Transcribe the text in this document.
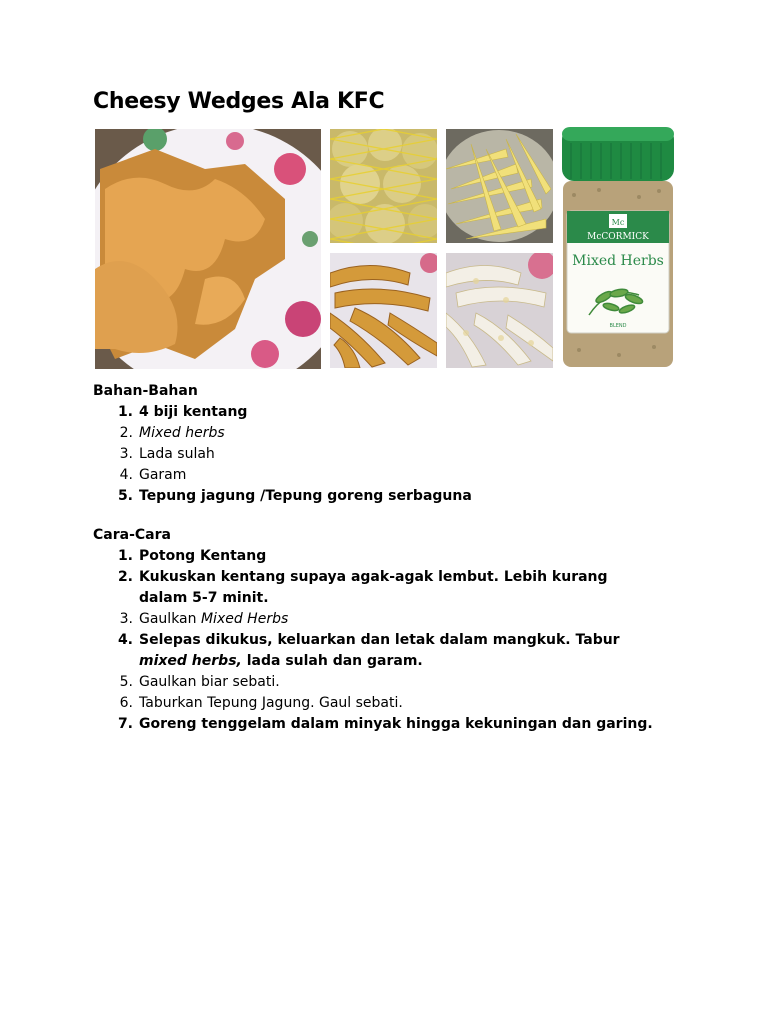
Cheesy Wedges Ala KFC
Mc
McCORMICK
Mixed Herbs
BLEND
Bahan-Bahan
1. 4 biji kentang
2. Mixed herbs
3. Lada sulah
4. Garam
5. Tepung jagung /Tepung goreng serbaguna
Cara-Cara
1. Potong Kentang
2. Kukuskan kentang supaya agak-agak lembut. Lebih kurang dalam 5-7 minit.
3. Gaulkan Mixed Herbs
4. Selepas dikukus, keluarkan dan letak dalam mangkuk. Tabur mixed herbs, lada sulah dan garam.
5. Gaulkan biar sebati.
6. Taburkan Tepung Jagung. Gaul sebati.
7. Goreng tenggelam dalam minyak hingga kekuningan dan garing.
